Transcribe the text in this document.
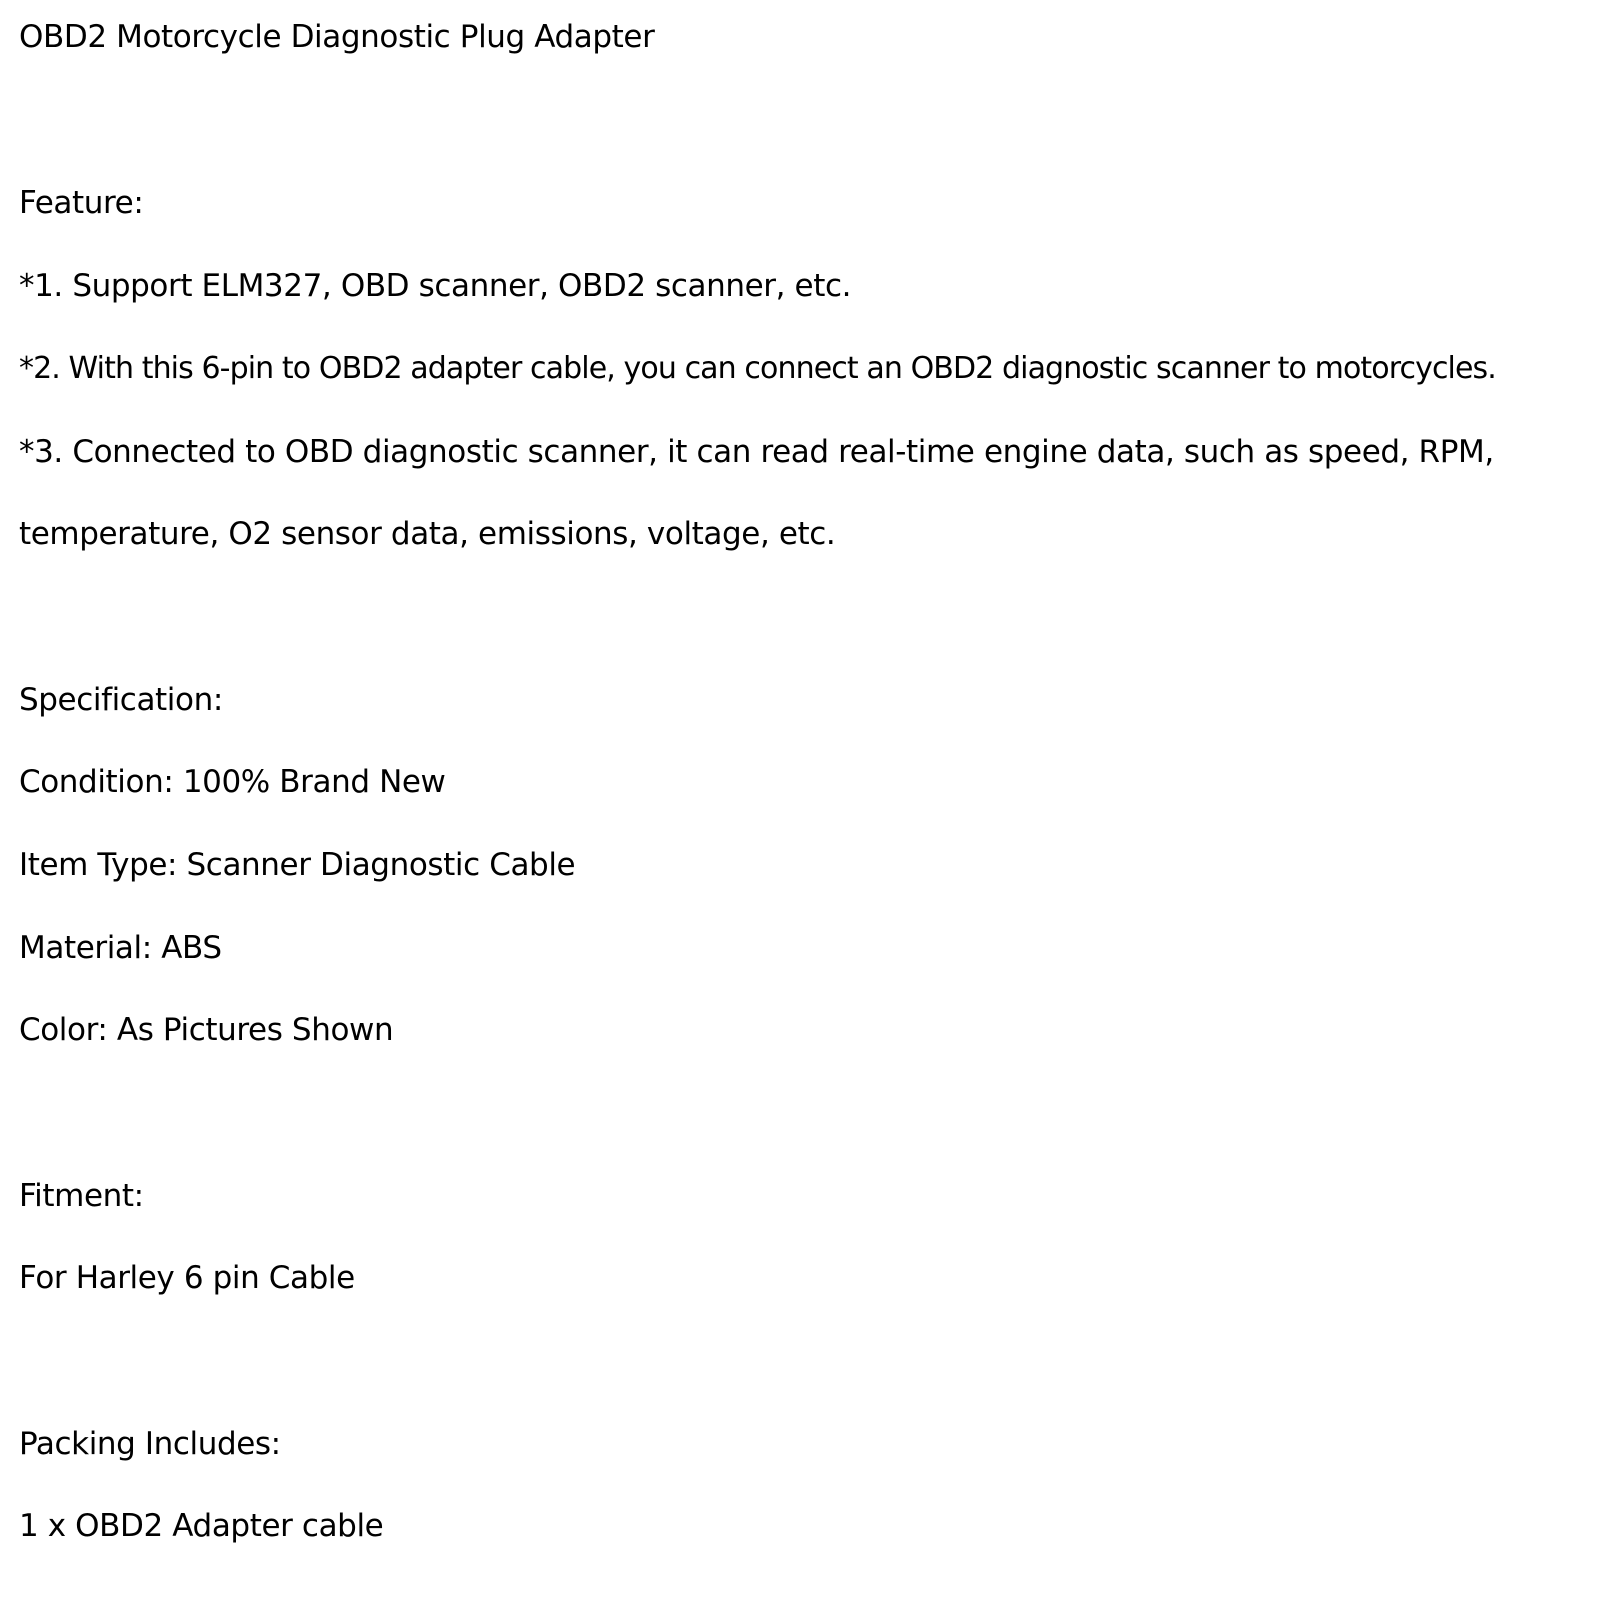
OBD2 Motorcycle Diagnostic Plug Adapter
Feature:
*1. Support ELM327, OBD scanner, OBD2 scanner, etc.
*2. With this 6-pin to OBD2 adapter cable, you can connect an OBD2 diagnostic scanner to motorcycles.
*3. Connected to OBD diagnostic scanner, it can read real-time engine data, such as speed, RPM,
temperature, O2 sensor data, emissions, voltage, etc.
Specification:
Condition: 100% Brand New
Item Type: Scanner Diagnostic Cable
Material: ABS
Color: As Pictures Shown
Fitment:
For Harley 6 pin Cable
Packing Includes:
1 x OBD2 Adapter cable
